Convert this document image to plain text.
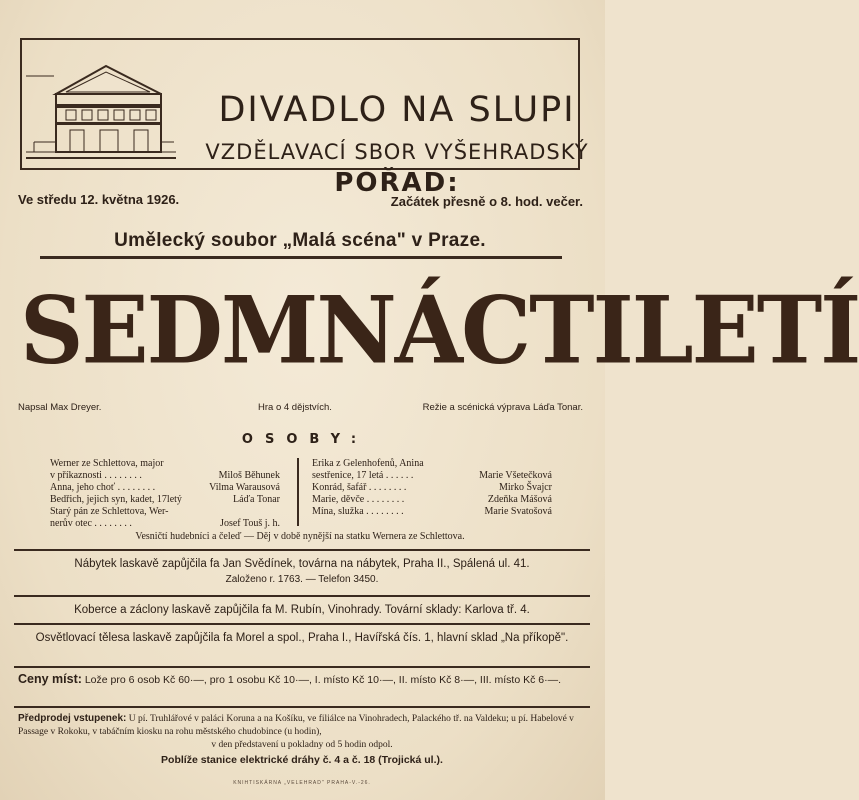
DIVADLO NA SLUPI
VZDĚLAVACÍ SBOR VYŠEHRADSKÝ
POŘAD:
Ve středu 12. května 1926.	Začátek přesně o 8. hod. večer.
Umělecký soubor „Malá scéna" v Praze.
SEDMNÁCTILETÍ
Napsal Max Dreyer.	Hra o 4 dějstvích.	Režie a scénická výprava Láďa Tonar.
OSOBY:
Werner ze Schlettova, major
v příkaznosti . . . . . . . .	Miloš Běhunek
Anna, jeho choť . . . . . . . .	Vilma Warausová
Bedřich, jejich syn, kadet, 17letý	Láďa Tonar
Starý pán ze Schlettova, Wer-
nerův otec . . . . . . . .	Josef Touš j. h.
Erika z Gelenhofenů, Anina
sestřenice, 17 letá . . . . . .	Marie Všetečková
Konrád, šafář . . . . . . . .	Mirko Švajcr
Marie, děvče . . . . . . . .	Zdeňka Mášová
Mína, služka . . . . . . . .	Marie Svatošová
Vesničtí hudebníci a čeleď — Děj v době nynější na statku Wernera ze Schlettova.
Nábytek laskavě zapůjčila fa Jan Svědínek, továrna na nábytek, Praha II., Spálená ul. 41.
Založeno r. 1763. — Telefon 3450.
Koberce a záclony laskavě zapůjčila fa M. Rubín, Vinohrady. Tovární sklady: Karlova tř. 4.
Osvětlovací tělesa laskavě zapůjčila fa Morel a spol., Praha I., Havířská čís. 1, hlavní sklad „Na příkopě".
Ceny míst: Lože pro 6 osob Kč 60·—, pro 1 osobu Kč 10·—, I. místo Kč 10·—, II. místo Kč 8·—, III. místo Kč 6·—.
Předprodej vstupenek: U pí. Truhlářové v paláci Koruna a na Košíku, ve filiálce na Vinohradech, Palackého tř. na Valdeku; u pí. Habelové v Passage v Rokoku, v tabáčním kiosku na rohu městského chudobince (u hodin),
v den představení u pokladny od 5 hodin odpol.
Poblíže stanice elektrické dráhy č. 4 a č. 18 (Trojická ul.).
KNIHTISKÁRNA „VELEHRAD" PRAHA-V.-26.
